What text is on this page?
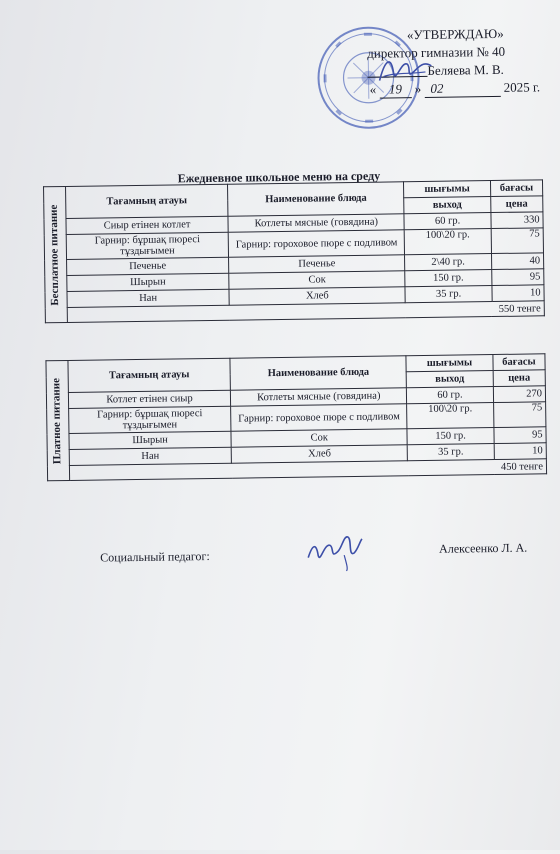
«УТВЕРЖДАЮ»
директор гимназии № 40
Беляева М. В.
« 19 » 02	2025 г.
Ежедневное школьное меню на среду
Бесплатное питание	Тағамның атауы	Наименование блюда	шығымы	бағасы
			выход	цена
	Сиыр етінен котлет	Котлеты мясные (говядина)	60 гр.	330
	Гарнир: бұршақ пюресі тұздығымен	Гарнир: гороховое пюре с подливом	100\20 гр.	75
	Печенье	Печенье	2\40 гр.	40
	Шырын	Сок	150 гр.	95
	Нан	Хлеб	35 гр.	10
	550 тенге			
Платное питание	Тағамның атауы	Наименование блюда	шығымы	бағасы
			выход	цена
	Котлет етінен сиыр	Котлеты мясные (говядина)	60 гр.	270
	Гарнир: бұршақ пюресі тұздығымен	Гарнир: гороховое пюре с подливом	100\20 гр.	75
	Шырын	Сок	150 гр.	95
	Нан	Хлеб	35 гр.	10
	450 тенге			
Социальный педагог:
Алексеенко Л. А.
